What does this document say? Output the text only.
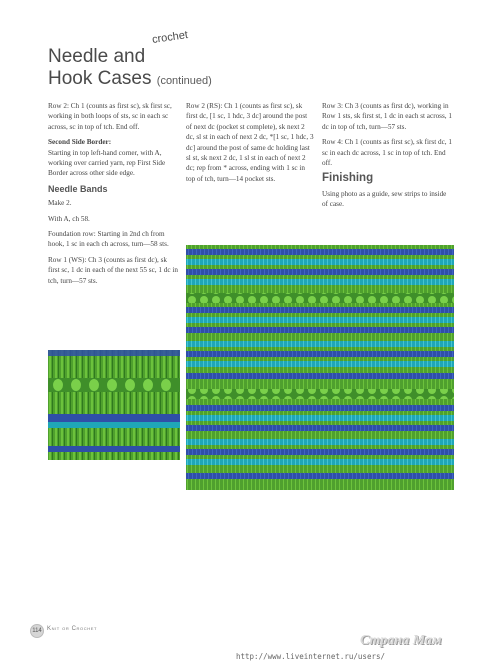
crochet
Needle and
Hook Cases (continued)

Row 2: Ch 1 (counts as first sc), sk first sc, working in both loops of sts, sc in each sc across, sc in top of tch. End off.

Second Side Border:
Starting in top left-hand corner, with A, working over carried yarn, rep First Side Border across other side edge.

Needle Bands

Make 2.

With A, ch 58.

Foundation row: Starting in 2nd ch from hook, 1 sc in each ch across, turn—58 sts.

Row 1 (WS): Ch 3 (counts as first dc), sk first sc, 1 dc in each of the next 55 sc, 1 dc in tch, turn—57 sts.

Row 2 (RS): Ch 1 (counts as first sc), sk first dc, [1 sc, 1 hdc, 3 dc] around the post of next dc (pocket st complete), sk next 2 dc, sl st in each of next 2 dc, *[1 sc, 1 hdc, 3 dc] around the post of same dc holding last sl st, sk next 2 dc, 1 sl st in each of next 2 dc; rep from * across, ending with 1 sc in top of tch, turn—14 pocket sts.

Row 3: Ch 3 (counts as first dc), working in Row 1 sts, sk first st, 1 dc in each st across, 1 dc in top of tch, turn—57 sts.

Row 4: Ch 1 (counts as first sc), sk first dc, 1 sc in each dc across, 1 sc in top of tch. End off.

Finishing

Using photo as a guide, sew strips to inside of case.

114 Knit or Crochet
http://www.liveinternet.ru/users/
Страна Мам
